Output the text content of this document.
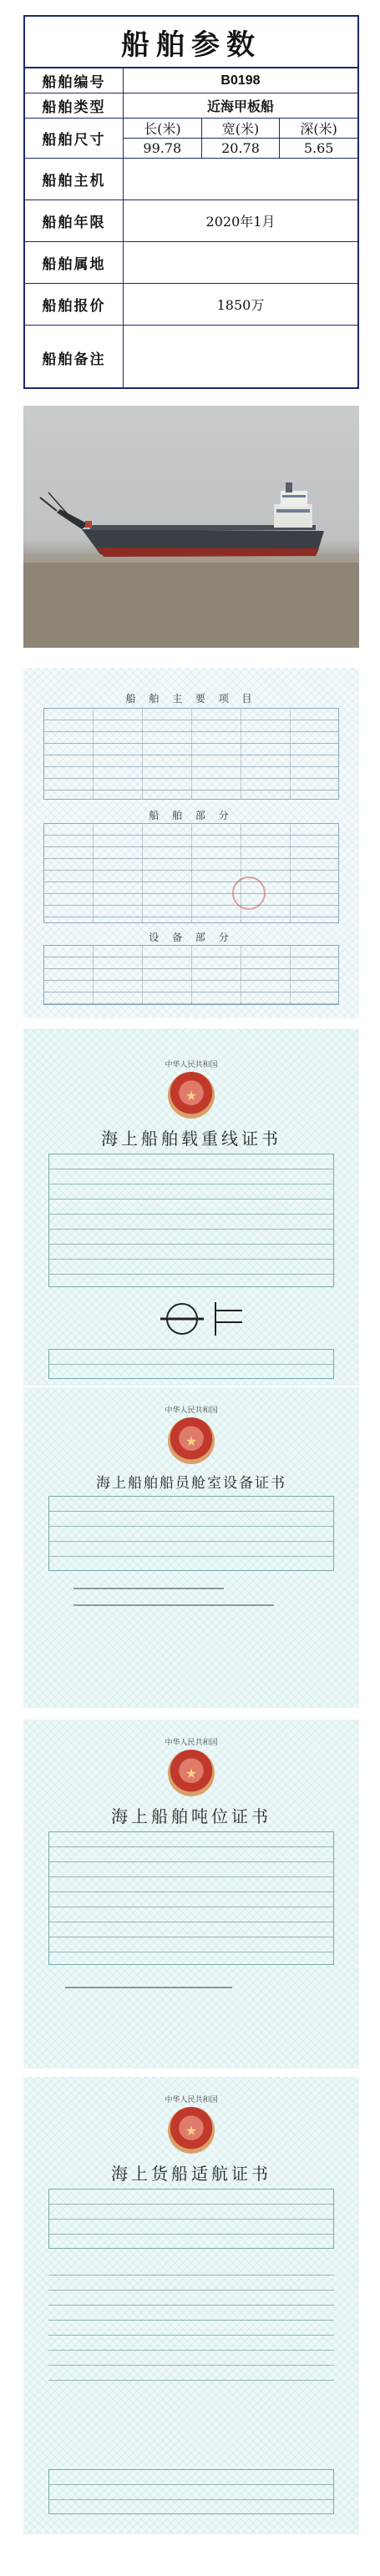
船舶参数
船舶编号	B0198
船舶类型	近海甲板船
船舶尺寸
长(米)	宽(米)	深(米)
99.78	20.78	5.65
船舶主机
船舶年限	2020年1月
船舶属地
船舶报价	1850万
船舶备注
船 舶 主 要 项 目
船 舶 部 分
设 备 部 分
中华人民共和国
★
海上船舶载重线证书
中华人民共和国
★
海上船舶船员舱室设备证书
中华人民共和国
★
海上船舶吨位证书
中华人民共和国
★
海上货船适航证书
